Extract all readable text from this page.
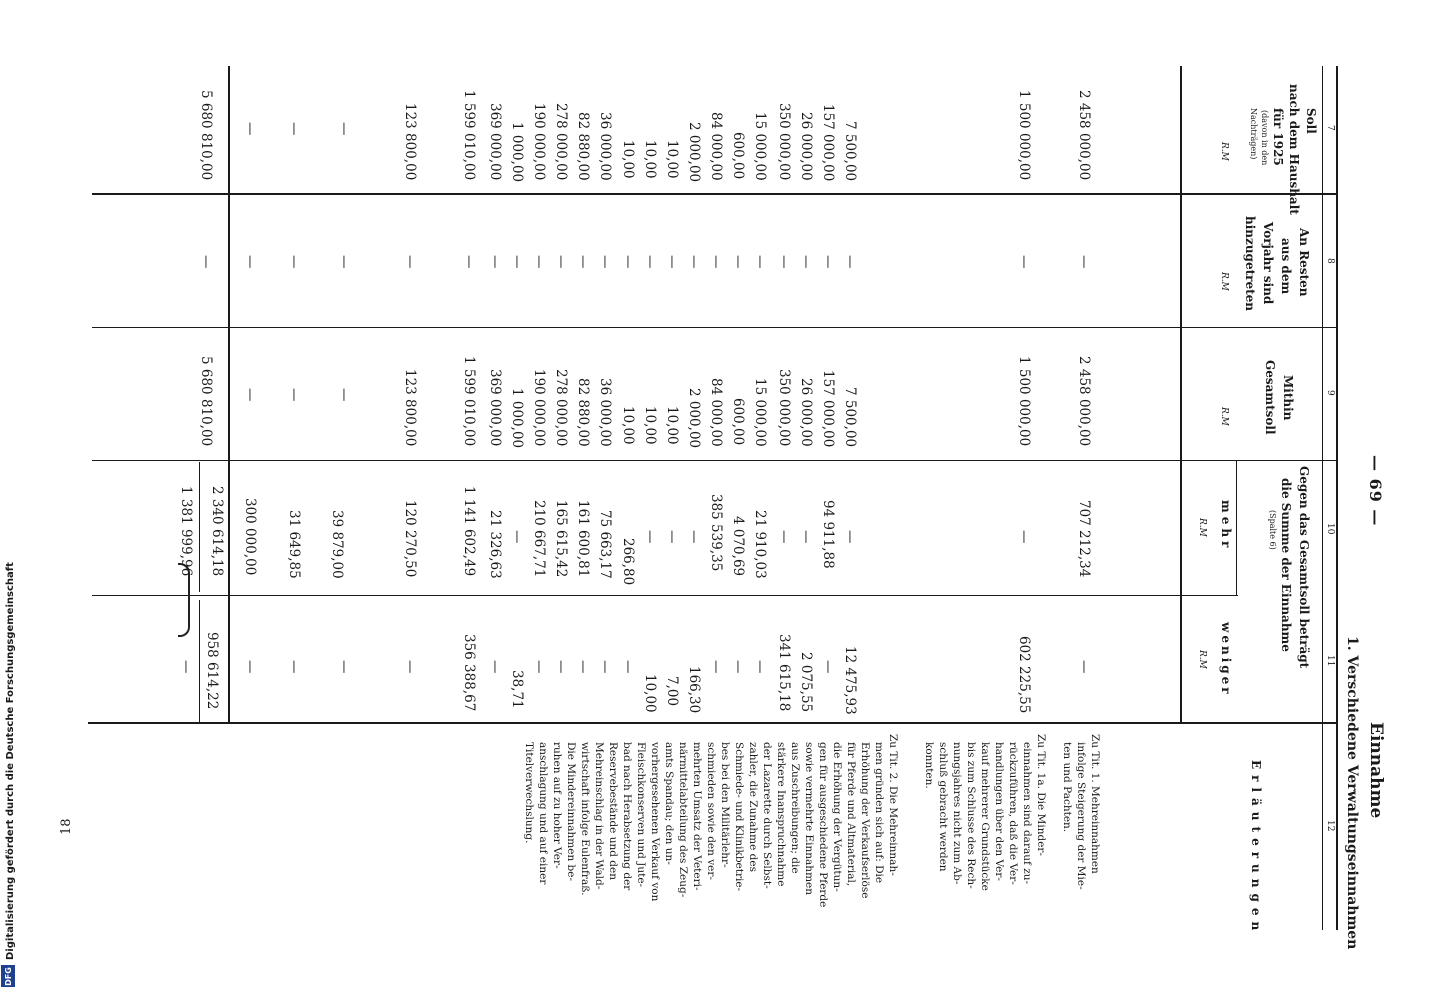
Einnahme
1. Verschiedene Verwaltungseinnahmen
— 69 —
Digitalisierung gefördert durch die Deutsche Forschungsgemeinschaft
DFG
18
7
8
9
10
11
12
Soll
nach dem Haushalt
für 1925
(davon in den
Nachträgen)
R.M
An Resten
aus dem
Vorjahr sind
hinzugetreten
R.M
Mithin
Gesamtsoll
R.M
Gegen das Gesamtsoll beträgt
die Summe der Einnahme
(Spalte 6)
mehr
R.M
weniger
R.M
Erläuterungen
2 458 000,00
1 500 000,00
7 500,00
157 000,00
26 000,00
350 000,00
15 000,00
600,00
84 000,00
2 000,00
10,00
10,00
10,00
36 000,00
82 880,00
278 000,00
190 000,00
1 000,00
369 000,00
1 599 010,00
123 800,00
—
—
—
5 680 810,00
—
—
—
—
—
—
—
—
—
—
—
—
—
—
—
—
—
—
—
—
—
—
—
—
—
2 458 000,00
1 500 000,00
7 500,00
157 000,00
26 000,00
350 000,00
15 000,00
600,00
84 000,00
2 000,00
10,00
10,00
10,00
36 000,00
82 880,00
278 000,00
190 000,00
1 000,00
369 000,00
1 599 010,00
123 800,00
—
—
—
5 680 810,00
707 212,34
—
—
94 911,88
—
—
21 910,03
4 070,69
385 539,35
—
—
—
266,80
75 663,17
161 600,81
165 615,42
210 667,71
—
21 326,63
1 141 602,49
120 270,50
39 879,00
31 649,85
300 000,00
2 340 614,18
1 381 999,96
—
602 225,55
12 475,93
—
2 075,55
341 615,18
—
—
—
166,30
7,00
10,00
—
—
—
—
—
38,71
—
356 388,67
—
—
—
—
958 614,22
—
Zu Tit. 1. Mehreinnahmen
infolge Steigerung der Mie-
ten und Pachten.
Zu Tit. 1a. Die Minder-
einnahmen sind darauf zu-
rückzuführen, daß die Ver-
handlungen über den Ver-
kauf mehrerer Grundstücke
bis zum Schlusse des Rech-
nungsjahres nicht zum Ab-
schluß gebracht werden
konnten.
Zu Tit. 2. Die Mehreinnah-
men gründen sich auf: Die
Erhöhung der Verkaufserlöse
für Pferde und Altmaterial,
die Erhöhung der Vergütun-
gen für ausgeschiedene Pferde
sowie vermehrte Einnahmen
aus Zuschreibungen; die
stärkere Inanspruchnahme
der Lazarette durch Selbst-
zahler, die Zunahme des
Schmiede- und Klinikbetrie-
bes bei den Militärlehr-
schmieden sowie den ver-
mehrten Umsatz der Veteri-
närmittelabteilung des Zeug-
amts Spandau; den un-
vorhergesehenen Verkauf von
Fleischkonserven und Jute-
bad nach Herabsetzung der
Reservebestände und den
Mehreinschlag in der Wald-
wirtschaft infolge Eulenfraß.
Die Mindereinnahmen be-
ruhen auf zu hoher Ver-
anschlagung und auf einer
Titelverwechslung.
